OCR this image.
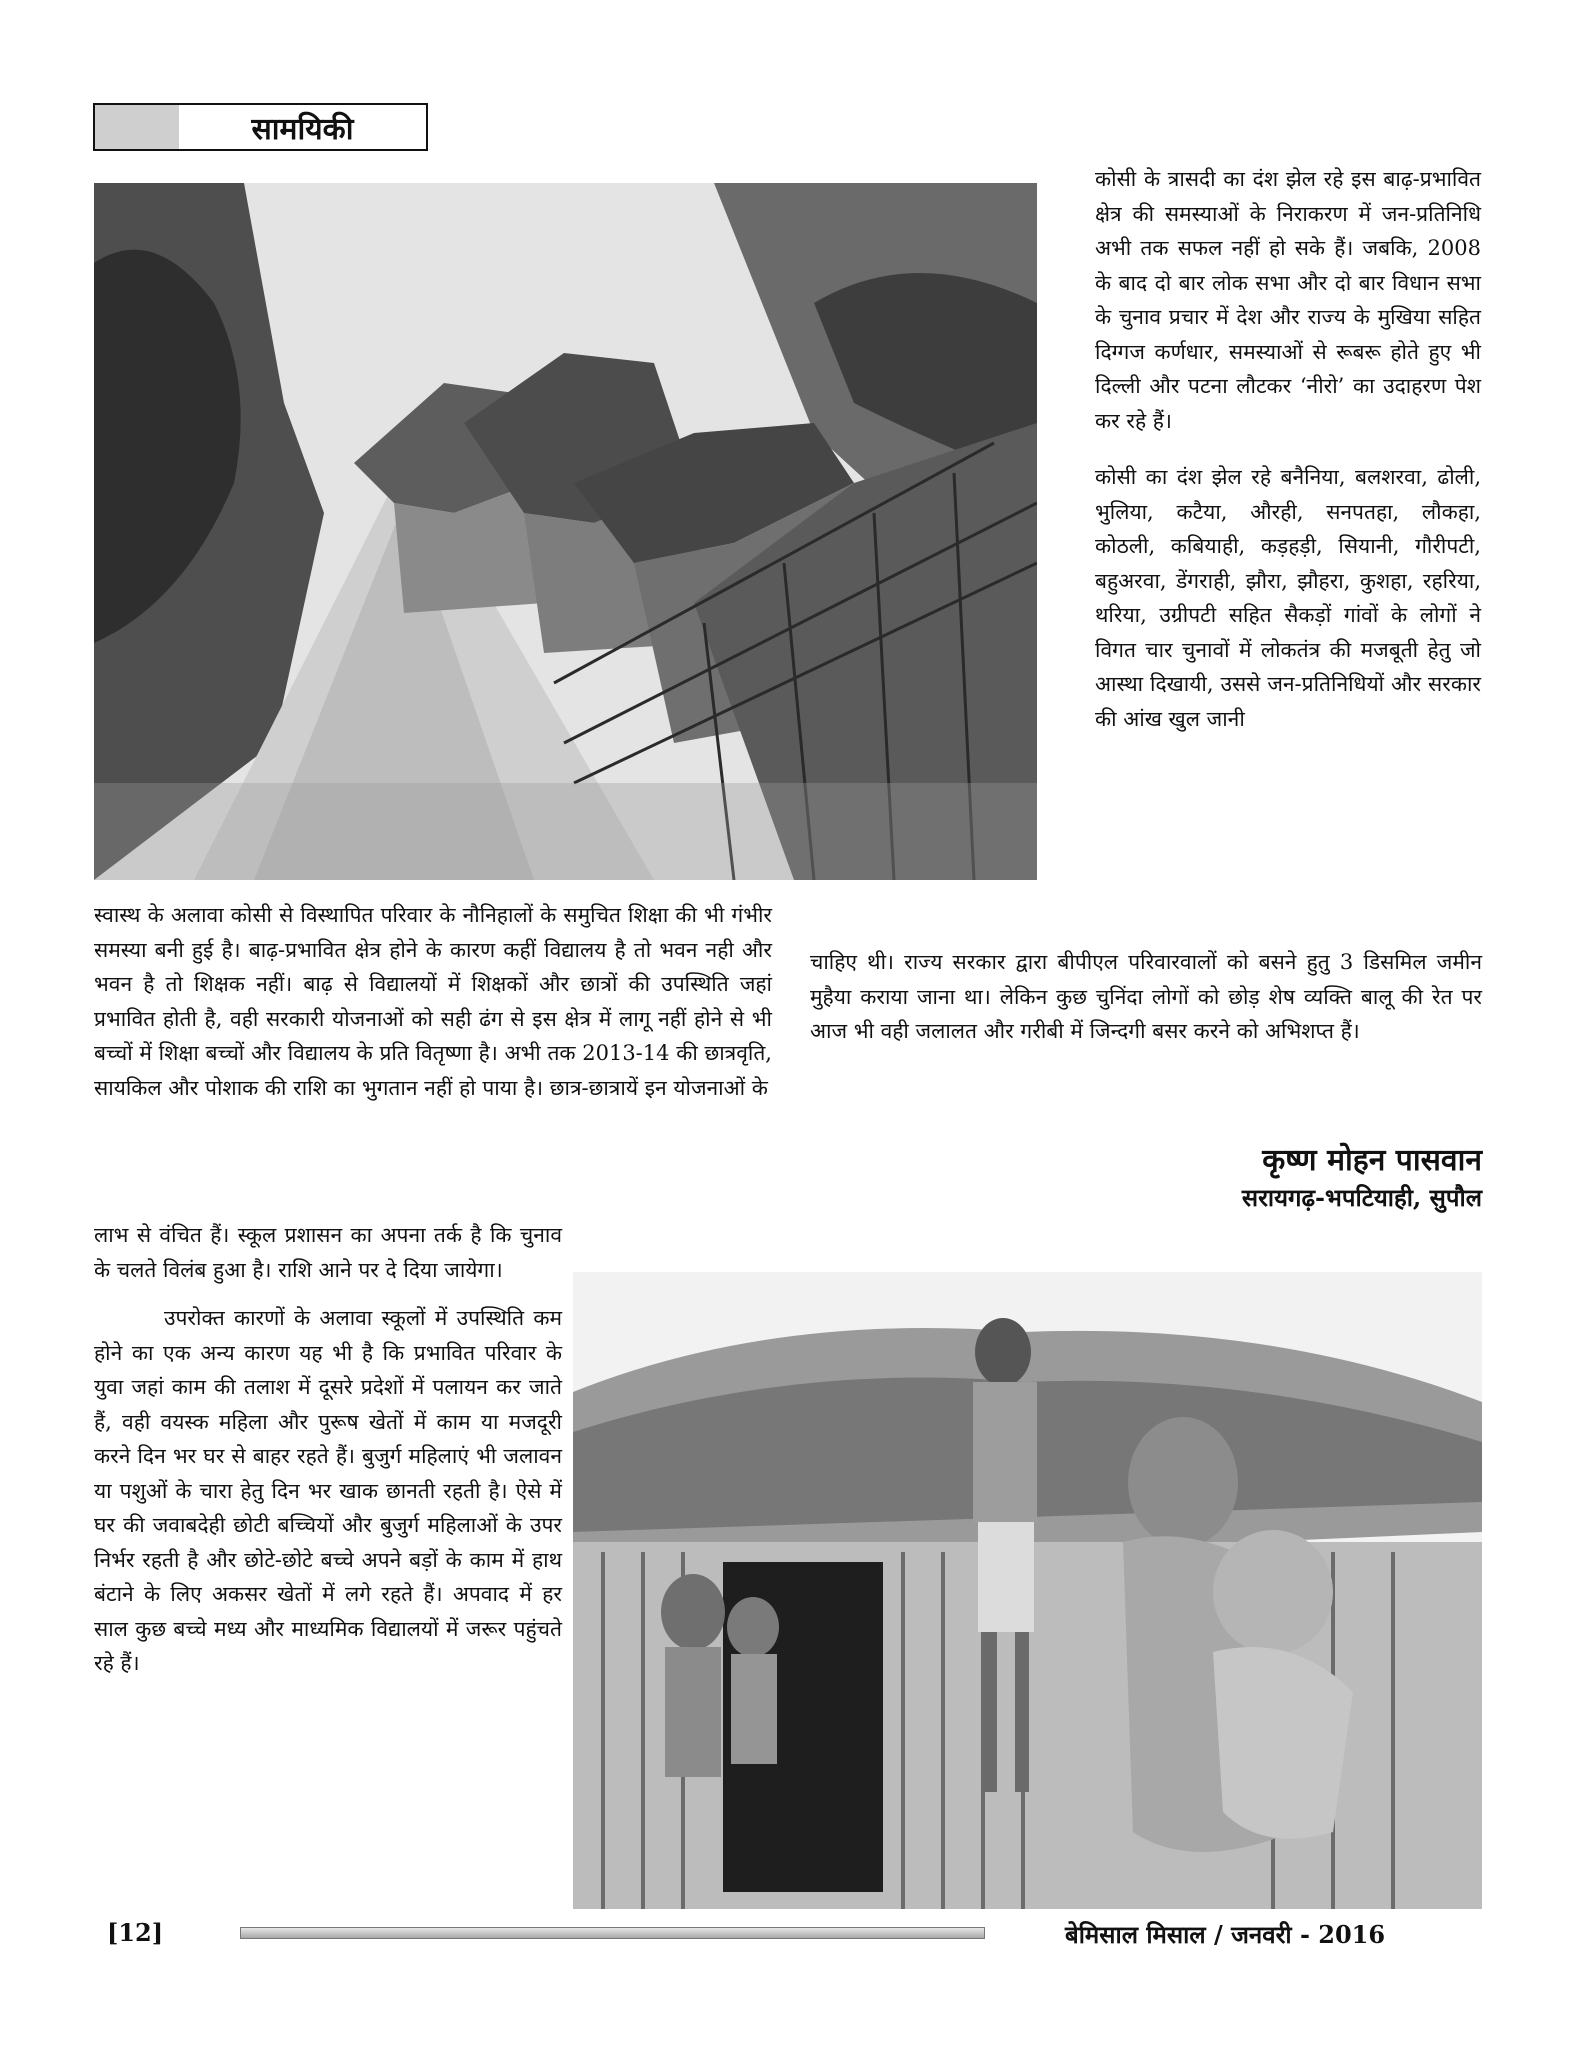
सामयिकी

कोसी के त्रासदी का दंश झेल रहे इस बाढ़-प्रभावित क्षेत्र की समस्याओं के निराकरण में जन-प्रतिनिधि अभी तक सफल नहीं हो सके हैं। जबकि, 2008 के बाद दो बार लोक सभा और दो बार विधान सभा के चुनाव प्रचार में देश और राज्य के मुखिया सहित दिग्गज कर्णधार, समस्याओं से रूबरू होते हुए भी दिल्ली और पटना लौटकर ‘नीरो’ का उदाहरण पेश कर रहे हैं।

कोसी का दंश झेल रहे बनैनिया, बलशरवा, ढोली, भुलिया, कटैया, औरही, सनपतहा, लौकहा, कोठली, कबियाही, कड़हड़ी, सियानी, गौरीपटी, बहुअरवा, डेंगराही, झौरा, झौहरा, कुशहा, रहरिया, थरिया, उग्रीपटी सहित सैकड़ों गांवों के लोगों ने विगत चार चुनावों में लोकतंत्र की मजबूती हेतु जो आस्था दिखायी, उससे जन-प्रतिनिधियों और सरकार की आंख खुल जानी

स्वास्थ के अलावा कोसी से विस्थापित परिवार के नौनिहालों के समुचित शिक्षा की भी गंभीर समस्या बनी हुई है। बाढ़-प्रभावित क्षेत्र होने के कारण कहीं विद्यालय है तो भवन नही और भवन है तो शिक्षक नहीं। बाढ़ से विद्यालयों में शिक्षकों और छात्रों की उपस्थिति जहां प्रभावित होती है, वही सरकारी योजनाओं को सही ढंग से इस क्षेत्र में लागू नहीं होने से भी बच्चों में शिक्षा बच्चों और विद्यालय के प्रति वितृष्णा है। अभी तक 2013-14 की छात्रवृति, सायकिल और पोशाक की राशि का भुगतान नहीं हो पाया है। छात्र-छात्रायें इन योजनाओं के

चाहिए थी। राज्य सरकार द्वारा बीपीएल परिवारवालों को बसने हुतु 3 डिसमिल जमीन मुहैया कराया जाना था। लेकिन कुछ चुनिंदा लोगों को छोड़ शेष व्यक्ति बालू की रेत पर आज भी वही जलालत और गरीबी में जिन्दगी बसर करने को अभिशप्त हैं।

कृष्ण मोहन पासवान
सरायगढ़-भपटियाही, सुपौल

लाभ से वंचित हैं। स्कूल प्रशासन का अपना तर्क है कि चुनाव के चलते विलंब हुआ है। राशि आने पर दे दिया जायेगा।

उपरोक्त कारणों के अलावा स्कूलों में उपस्थिति कम होने का एक अन्य कारण यह भी है कि प्रभावित परिवार के युवा जहां काम की तलाश में दूसरे प्रदेशों में पलायन कर जाते हैं, वही वयस्क महिला और पुरूष खेतों में काम या मजदूरी करने दिन भर घर से बाहर रहते हैं। बुजुर्ग महिलाएं भी जलावन या पशुओं के चारा हेतु दिन भर खाक छानती रहती है। ऐसे में घर की जवाबदेही छोटी बच्चियों और बुजुर्ग महिलाओं के उपर निर्भर रहती है और छोटे-छोटे बच्चे अपने बड़ों के काम में हाथ बंटाने के लिए अकसर खेतों में लगे रहते हैं। अपवाद में हर साल कुछ बच्चे मध्य और माध्यमिक विद्यालयों में जरूर पहुंचते रहे हैं।

[12]	बेमिसाल मिसाल / जनवरी - 2016
